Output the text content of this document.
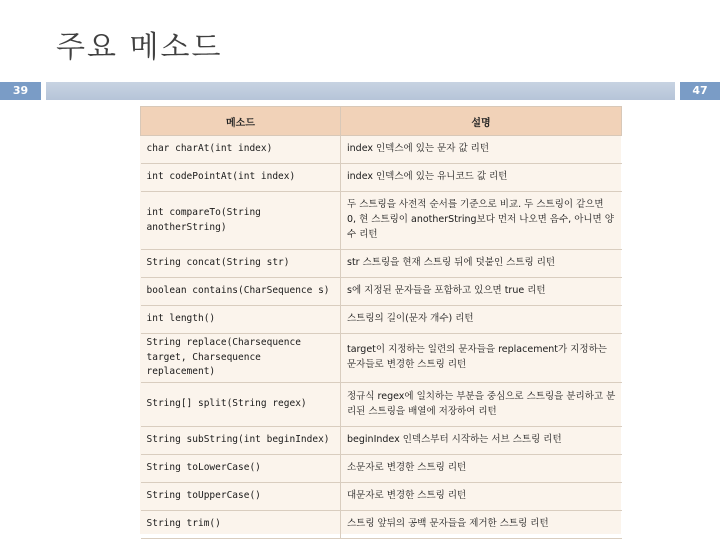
주요 메소드
39	47
메소드	설명
char charAt(int index)	index 인덱스에 있는 문자 값 리턴
int codePointAt(int index)	index 인덱스에 있는 유니코드 값 리턴
int compareTo(String anotherString)	두 스트링을 사전적 순서를 기준으로 비교. 두 스트링이 같으면 0, 현 스트링이 anotherString보다 먼저 나오면 음수, 아니면 양수 리턴
String concat(String str)	str 스트링을 현재 스트링 뒤에 덧붙인 스트링 리턴
boolean contains(CharSequence s)	s에 지정된 문자들을 포함하고 있으면 true 리턴
int length()	스트링의 길이(문자 개수) 리턴
String replace(Charsequence target, Charsequence replacement)	target이 지정하는 일련의 문자들을 replacement가 지정하는 문자들로 변경한 스트링 리턴
String[] split(String regex)	정규식 regex에 일치하는 부분을 중심으로 스트링을 분리하고 분리된 스트링을 배열에 저장하여 리턴
String subString(int beginIndex)	beginIndex 인덱스부터 시작하는 서브 스트링 리턴
String toLowerCase()	소문자로 변경한 스트링 리턴
String toUpperCase()	대문자로 변경한 스트링 리턴
String trim()	스트링 앞뒤의 공백 문자들을 제거한 스트링 리턴
